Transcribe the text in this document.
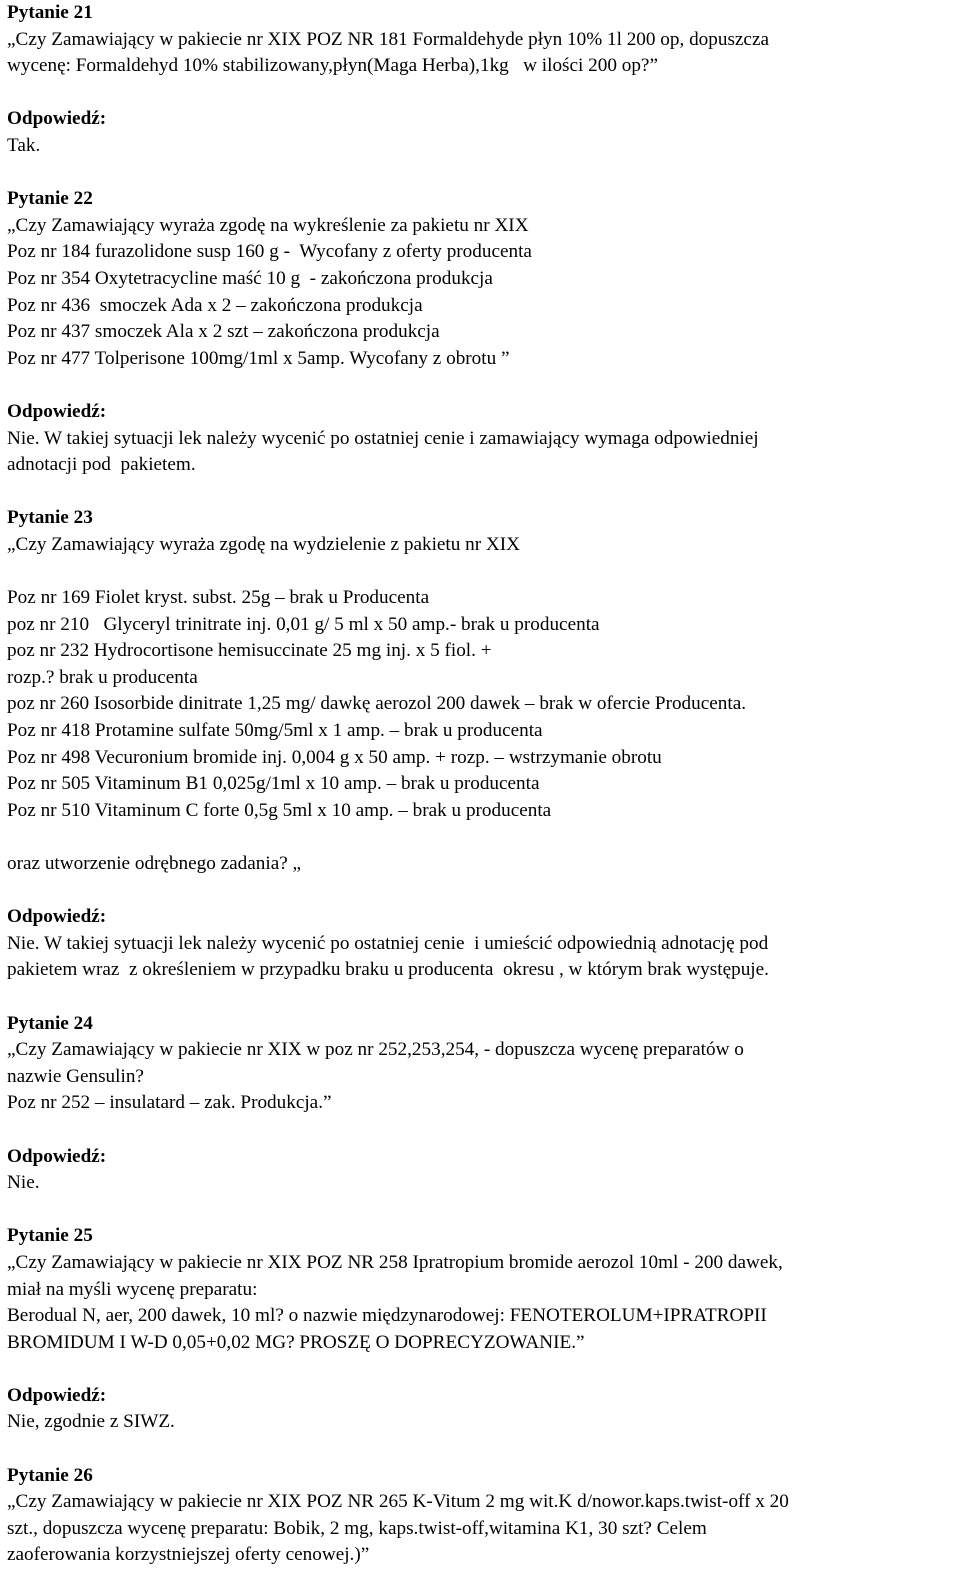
Pytanie 21
„Czy Zamawiający w pakiecie nr XIX POZ NR 181 Formaldehyde płyn 10% 1l 200 op, dopuszcza
wycenę: Formaldehyd 10% stabilizowany,płyn(Maga Herba),1kg   w ilości 200 op?”
Odpowiedź:
Tak.
Pytanie 22
„Czy Zamawiający wyraża zgodę na wykreślenie za pakietu nr XIX
Poz nr 184 furazolidone susp 160 g -  Wycofany z oferty producenta
Poz nr 354 Oxytetracycline maść 10 g  - zakończona produkcja
Poz nr 436  smoczek Ada x 2 – zakończona produkcja
Poz nr 437 smoczek Ala x 2 szt – zakończona produkcja
Poz nr 477 Tolperisone 100mg/1ml x 5amp. Wycofany z obrotu ”
Odpowiedź:
Nie. W takiej sytuacji lek należy wycenić po ostatniej cenie i zamawiający wymaga odpowiedniej
adnotacji pod  pakietem.
Pytanie 23
„Czy Zamawiający wyraża zgodę na wydzielenie z pakietu nr XIX
Poz nr 169 Fiolet kryst. subst. 25g – brak u Producenta
poz nr 210   Glyceryl trinitrate inj. 0,01 g/ 5 ml x 50 amp.- brak u producenta
poz nr 232 Hydrocortisone hemisuccinate 25 mg inj. x 5 fiol. +
rozp.? brak u producenta
poz nr 260 Isosorbide dinitrate 1,25 mg/ dawkę aerozol 200 dawek – brak w ofercie Producenta.
Poz nr 418 Protamine sulfate 50mg/5ml x 1 amp. – brak u producenta
Poz nr 498 Vecuronium bromide inj. 0,004 g x 50 amp. + rozp. – wstrzymanie obrotu
Poz nr 505 Vitaminum B1 0,025g/1ml x 10 amp. – brak u producenta
Poz nr 510 Vitaminum C forte 0,5g 5ml x 10 amp. – brak u producenta
oraz utworzenie odrębnego zadania? „
Odpowiedź:
Nie. W takiej sytuacji lek należy wycenić po ostatniej cenie  i umieścić odpowiednią adnotację pod
pakietem wraz  z określeniem w przypadku braku u producenta  okresu , w którym brak występuje.
Pytanie 24
„Czy Zamawiający w pakiecie nr XIX w poz nr 252,253,254, - dopuszcza wycenę preparatów o
nazwie Gensulin?
Poz nr 252 – insulatard – zak. Produkcja.”
Odpowiedź:
Nie.
Pytanie 25
„Czy Zamawiający w pakiecie nr XIX POZ NR 258 Ipratropium bromide aerozol 10ml - 200 dawek,
miał na myśli wycenę preparatu:
Berodual N, aer, 200 dawek, 10 ml? o nazwie międzynarodowej: FENOTEROLUM+IPRATROPII
BROMIDUM I W-D 0,05+0,02 MG? PROSZĘ O DOPRECYZOWANIE.”
Odpowiedź:
Nie, zgodnie z SIWZ.
Pytanie 26
„Czy Zamawiający w pakiecie nr XIX POZ NR 265 K-Vitum 2 mg wit.K d/nowor.kaps.twist-off x 20
szt., dopuszcza wycenę preparatu: Bobik, 2 mg, kaps.twist-off,witamina K1, 30 szt? Celem
zaoferowania korzystniejszej oferty cenowej.)”
